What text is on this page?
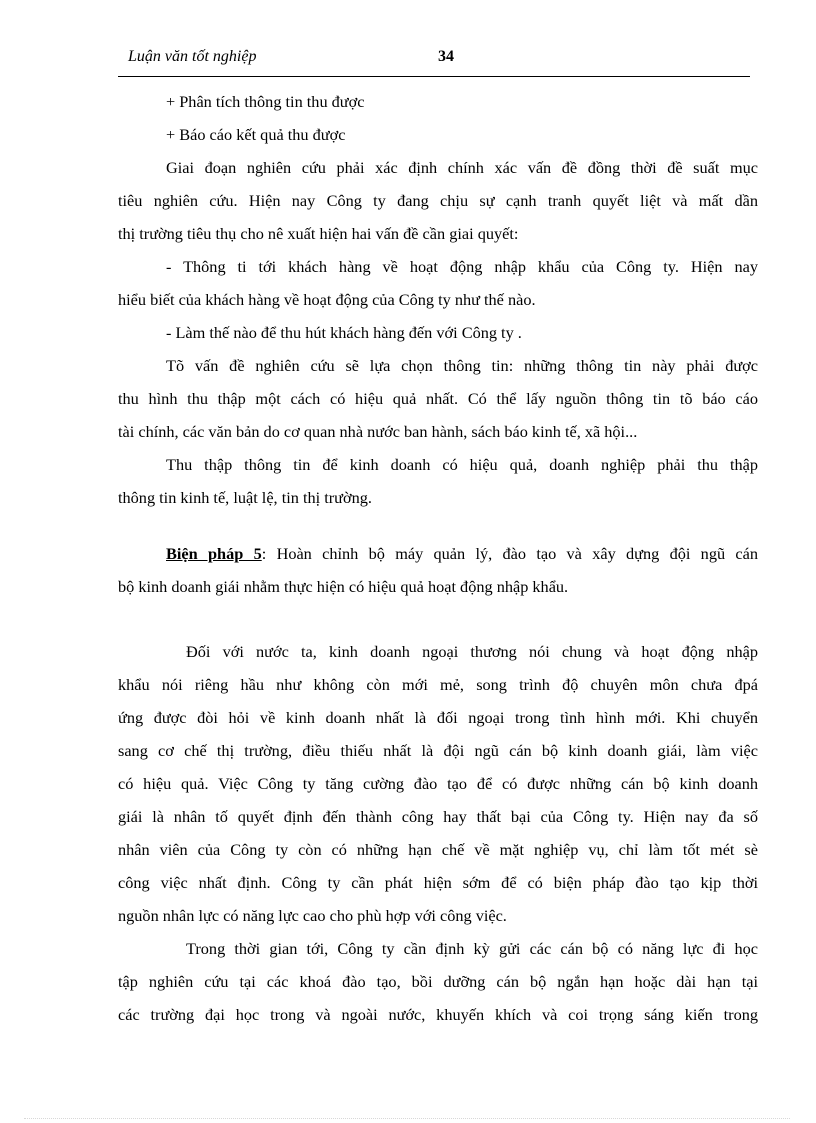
Luận văn tốt nghiệp	34
+ Phân tích thông tin thu được
+ Báo cáo kết quả thu được
Giai đoạn nghiên cứu phải xác định chính xác vấn đề đồng thời đề suất mục
tiêu nghiên cứu. Hiện nay Công ty đang chịu sự cạnh tranh quyết liệt và mất dần
thị trường tiêu thụ cho nê xuất hiện hai vấn đề cần giai quyết:
- Thông ti tới khách hàng về hoạt động nhập khẩu của Công ty. Hiện nay
hiểu biết của khách hàng về hoạt động của Công ty như thế nào.
- Làm thế nào để thu hút khách hàng đến với Công ty .
Tõ vấn đề nghiên cứu sẽ lựa chọn thông tin: những thông tin này phải được
thu hình thu thập một cách có hiệu quả nhất. Có thể lấy nguồn thông tin tõ báo cáo
tài chính, các văn bản do cơ quan nhà nước ban hành, sách báo kinh tế, xã hội...
Thu thập thông tin để kinh doanh có hiệu quả, doanh nghiệp phải thu thập
thông tin kinh tế, luật lệ, tin thị trường.
Biện pháp 5: Hoàn chỉnh bộ máy quản lý, đào tạo và xây dựng đội ngũ cán
bộ kinh doanh giái nhằm thực hiện có hiệu quả hoạt động nhập khẩu.
Đối với nước ta, kinh doanh ngoại thương nói chung và hoạt động nhập
khẩu nói riêng hầu như không còn mới mẻ, song trình độ chuyên môn chưa đpá
ứng được đòi hỏi về kinh doanh nhất là đối ngoại trong tình hình mới. Khi chuyển
sang cơ chế thị trường, điều thiếu nhất là đội ngũ cán bộ kinh doanh giái, làm việc
có hiệu quả. Việc Công ty tăng cường đào tạo để có được những cán bộ kinh doanh
giái là nhân tố quyết định đến thành công hay thất bại của Công ty. Hiện nay đa số
nhân viên của Công ty còn có những hạn chế về mặt nghiệp vụ, chỉ làm tốt mét sè
công việc nhất định. Công ty cần phát hiện sớm để có biện pháp đào tạo kịp thời
nguồn nhân lực có năng lực cao cho phù hợp với công việc.
Trong thời gian tới, Công ty cần định kỳ gửi các cán bộ có năng lực đi học
tập nghiên cứu tại các khoá đào tạo, bồi dưỡng cán bộ ngắn hạn hoặc dài hạn tại
các trường đại học trong và ngoài nước, khuyến khích và coi trọng sáng kiến trong
